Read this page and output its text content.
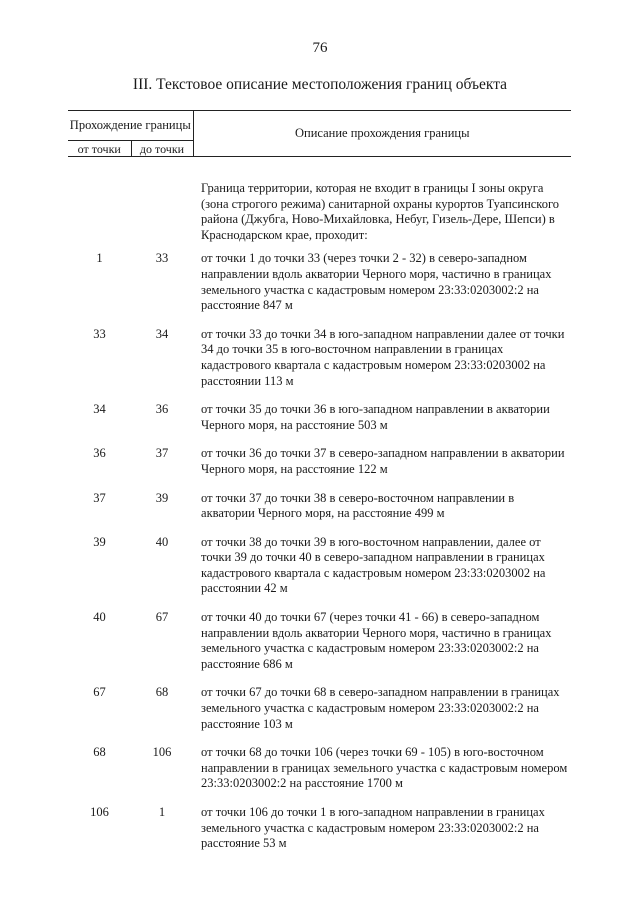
76
III. Текстовое описание местоположения границ объекта
Прохождение границы		Описание прохождения границы
от точки	до точки	
		Граница территории, которая не входит в границы I зоны округа (зона строгого режима) санитарной охраны курортов Туапсинского района (Джубга, Ново-Михайловка, Небуг, Гизель-Дере, Шепси) в Краснодарском крае, проходит:
1	33	от точки 1 до точки 33 (через точки 2 - 32) в северо-западном направлении вдоль акватории Черного моря, частично в границах земельного участка с кадастровым номером 23:33:0203002:2 на расстояние 847 м
33	34	от точки 33 до точки 34 в юго-западном направлении далее от точки 34 до точки 35 в юго-восточном направлении в границах кадастрового квартала с кадастровым номером 23:33:0203002 на расстоянии 113 м
34	36	от точки 35 до точки 36 в юго-западном направлении в акватории Черного моря, на расстояние 503 м
36	37	от точки 36 до точки 37 в северо-западном направлении в акватории Черного моря, на расстояние 122 м
37	39	от точки 37 до точки 38 в северо-восточном направлении в акватории Черного моря, на расстояние 499 м
39	40	от точки 38 до точки 39 в юго-восточном направлении, далее от точки 39 до точки 40 в северо-западном направлении в границах кадастрового квартала с кадастровым номером 23:33:0203002 на расстоянии 42 м
40	67	от точки 40 до точки 67 (через точки 41 - 66) в северо-западном направлении вдоль акватории Черного моря, частично в границах земельного участка с кадастровым номером 23:33:0203002:2 на расстояние 686 м
67	68	от точки 67 до точки 68 в северо-западном направлении в границах земельного участка с кадастровым номером 23:33:0203002:2 на расстояние 103 м
68	106	от точки 68 до точки 106 (через точки 69 - 105) в юго-восточном направлении в границах земельного участка с кадастровым номером 23:33:0203002:2 на расстояние 1700 м
106	1	от точки 106 до точки 1 в юго-западном направлении в границах земельного участка с кадастровым номером 23:33:0203002:2 на расстояние 53 м
